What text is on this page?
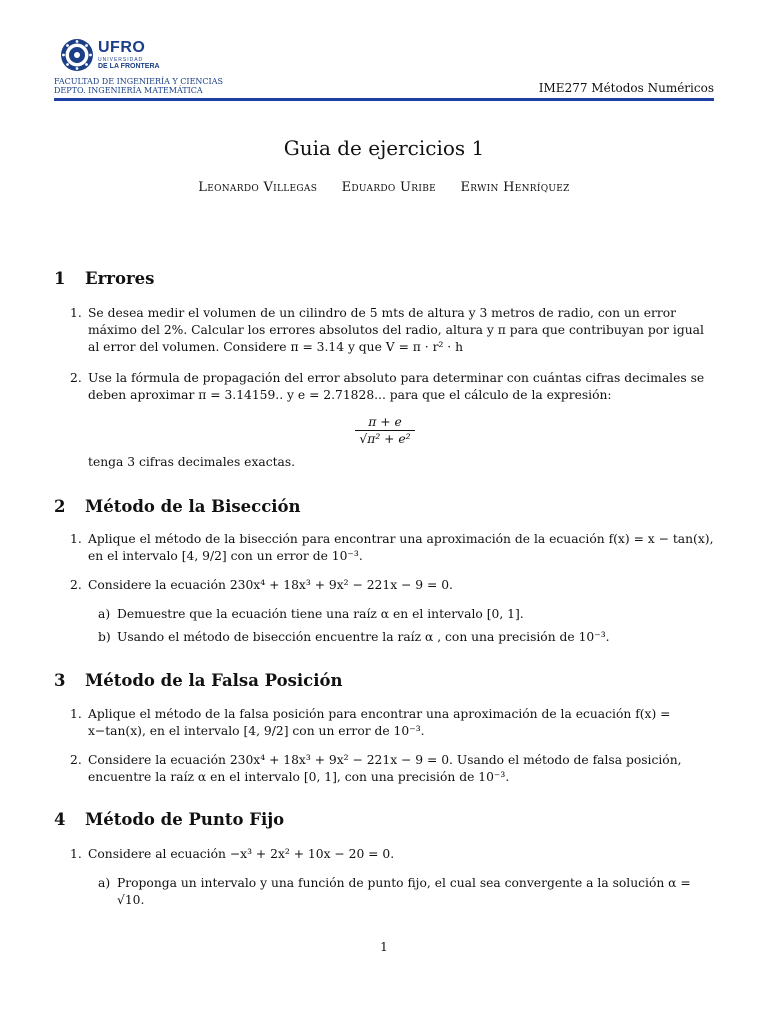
UFRO
UNIVERSIDAD
DE LA FRONTERA
FACULTAD DE INGENIERÍA Y CIENCIAS
DEPTO. INGENIERÍA MATEMÁTICA	IME277 Métodos Numéricos
Guia de ejercicios 1
Leonardo Villegas Eduardo Uribe Erwin Henríquez
1 Errores
1. Se desea medir el volumen de un cilindro de 5 mts de altura y 3 metros de radio, con un error máximo del 2%. Calcular los errores absolutos del radio, altura y π para que contribuyan por igual al error del volumen. Considere π = 3.14 y que V = π · r² · h
2. Use la fórmula de propagación del error absoluto para determinar con cuántas cifras decimales se deben aproximar π = 3.14159.. y e = 2.71828... para que el cálculo de la expresión:
π + e
√π² + e²
tenga 3 cifras decimales exactas.
2 Método de la Bisección
1. Aplique el método de la bisección para encontrar una aproximación de la ecuación f(x) = x − tan(x), en el intervalo [4, 9/2] con un error de 10⁻³.
2. Considere la ecuación 230x⁴ + 18x³ + 9x² − 221x − 9 = 0.
a) Demuestre que la ecuación tiene una raíz α en el intervalo [0, 1].
b) Usando el método de bisección encuentre la raíz α , con una precisión de 10⁻³.
3 Método de la Falsa Posición
1. Aplique el método de la falsa posición para encontrar una aproximación de la ecuación f(x) = x−tan(x), en el intervalo [4, 9/2] con un error de 10⁻³.
2. Considere la ecuación 230x⁴ + 18x³ + 9x² − 221x − 9 = 0. Usando el método de falsa posición, encuentre la raíz α en el intervalo [0, 1], con una precisión de 10⁻³.
4 Método de Punto Fijo
1. Considere al ecuación −x³ + 2x² + 10x − 20 = 0.
a) Proponga un intervalo y una función de punto fijo, el cual sea convergente a la solución α = √10.
1
